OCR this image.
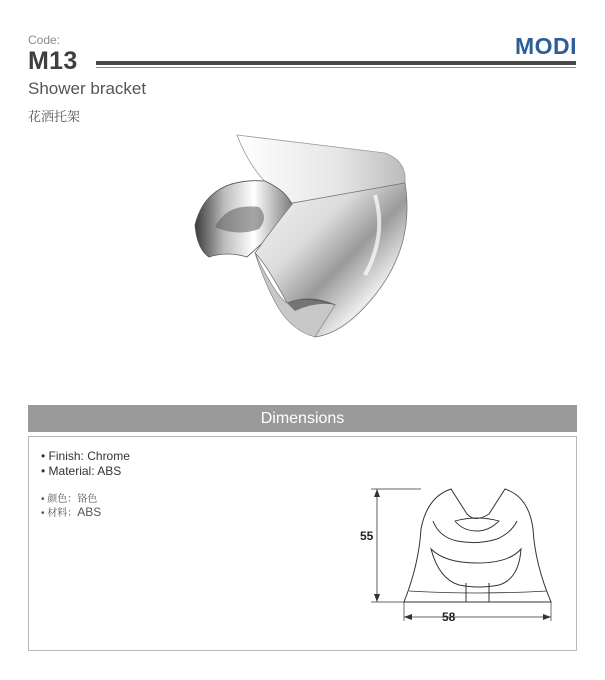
Code:
M13
MODI
Shower bracket
花洒托架
Dimensions
• Finish: Chrome
• Material: ABS
• 颜色：铬色
• 材料：ABS
55
58
